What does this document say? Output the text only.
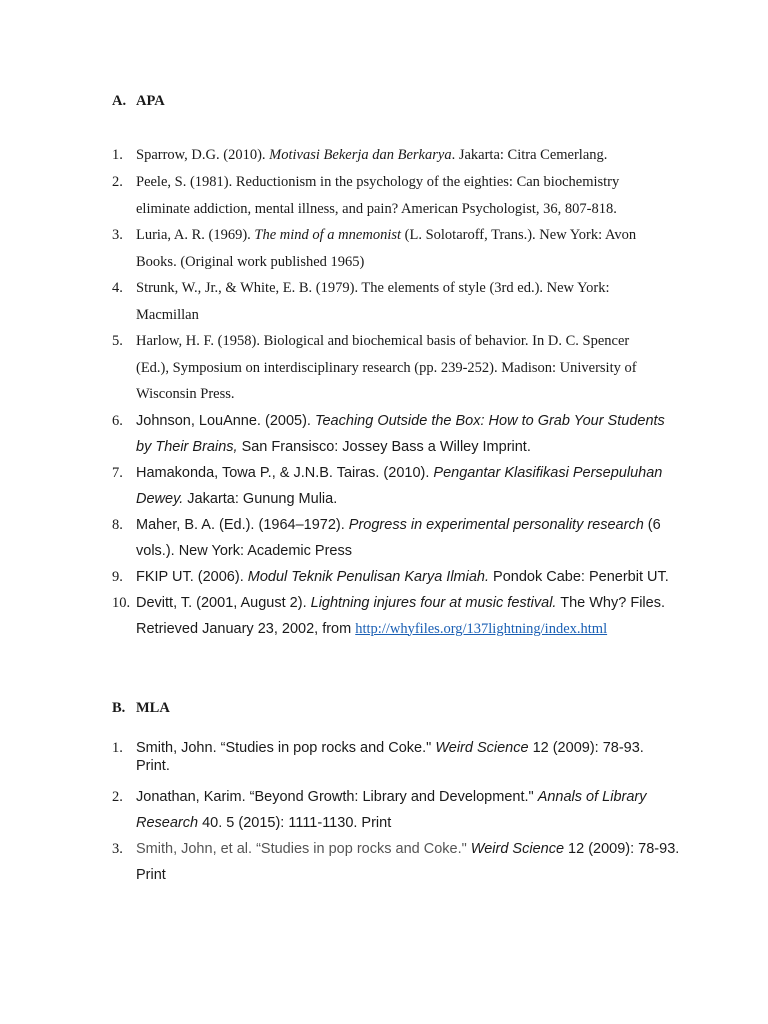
A. APA
1. Sparrow, D.G. (2010). Motivasi Bekerja dan Berkarya. Jakarta: Citra Cemerlang.
2. Peele, S. (1981). Reductionism in the psychology of the eighties: Can biochemistry
eliminate addiction, mental illness, and pain? American Psychologist, 36, 807-818.
3. Luria, A. R. (1969). The mind of a mnemonist (L. Solotaroff, Trans.). New York: Avon
Books. (Original work published 1965)
4. Strunk, W., Jr., & White, E. B. (1979). The elements of style (3rd ed.). New York:
Macmillan
5. Harlow, H. F. (1958). Biological and biochemical basis of behavior. In D. C. Spencer
(Ed.), Symposium on interdisciplinary research (pp. 239-252). Madison: University of
Wisconsin Press.
6. Johnson, LouAnne. (2005). Teaching Outside the Box: How to Grab Your Students
by Their Brains, San Fransisco: Jossey Bass a Willey Imprint.
7. Hamakonda, Towa P., & J.N.B. Tairas. (2010). Pengantar Klasifikasi Persepuluhan
Dewey. Jakarta: Gunung Mulia.
8. Maher, B. A. (Ed.). (1964–1972). Progress in experimental personality research (6
vols.). New York: Academic Press
9. FKIP UT. (2006). Modul Teknik Penulisan Karya Ilmiah. Pondok Cabe: Penerbit UT.
10. Devitt, T. (2001, August 2). Lightning injures four at music festival. The Why? Files.
Retrieved January 23, 2002, from http://whyfiles.org/137lightning/index.html
B. MLA
1. Smith, John. “Studies in pop rocks and Coke." Weird Science 12 (2009): 78-93.
Print.
2. Jonathan, Karim. “Beyond Growth: Library and Development." Annals of Library
Research 40. 5 (2015): 1111-1130. Print
3. Smith, John, et al. “Studies in pop rocks and Coke." Weird Science 12 (2009): 78-93.
Print
